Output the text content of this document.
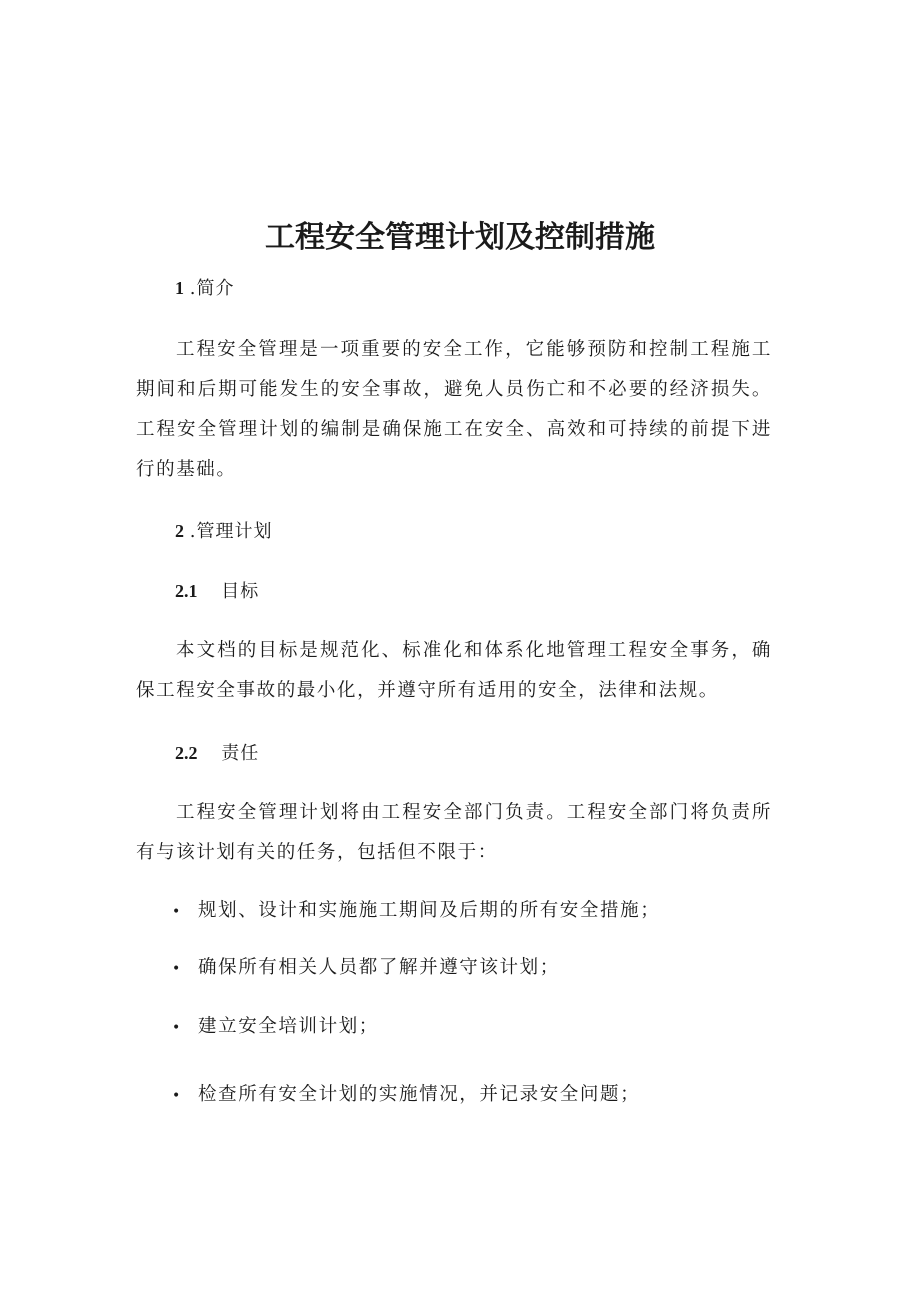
工程安全管理计划及控制措施
1 .简介

工程安全管理是一项重要的安全工作，它能够预防和控制工程施工期间和后期可能发生的安全事故，避免人员伤亡和不必要的经济损失。工程安全管理计划的编制是确保施工在安全、高效和可持续的前提下进行的基础。

2 .管理计划
2.1 目标

本文档的目标是规范化、标准化和体系化地管理工程安全事务，确保工程安全事故的最小化，并遵守所有适用的安全，法律和法规。

2.2 责任

工程安全管理计划将由工程安全部门负责。工程安全部门将负责所有与该计划有关的任务，包括但不限于：

• 规划、设计和实施施工期间及后期的所有安全措施；
• 确保所有相关人员都了解并遵守该计划；
• 建立安全培训计划；
• 检查所有安全计划的实施情况，并记录安全问题；
